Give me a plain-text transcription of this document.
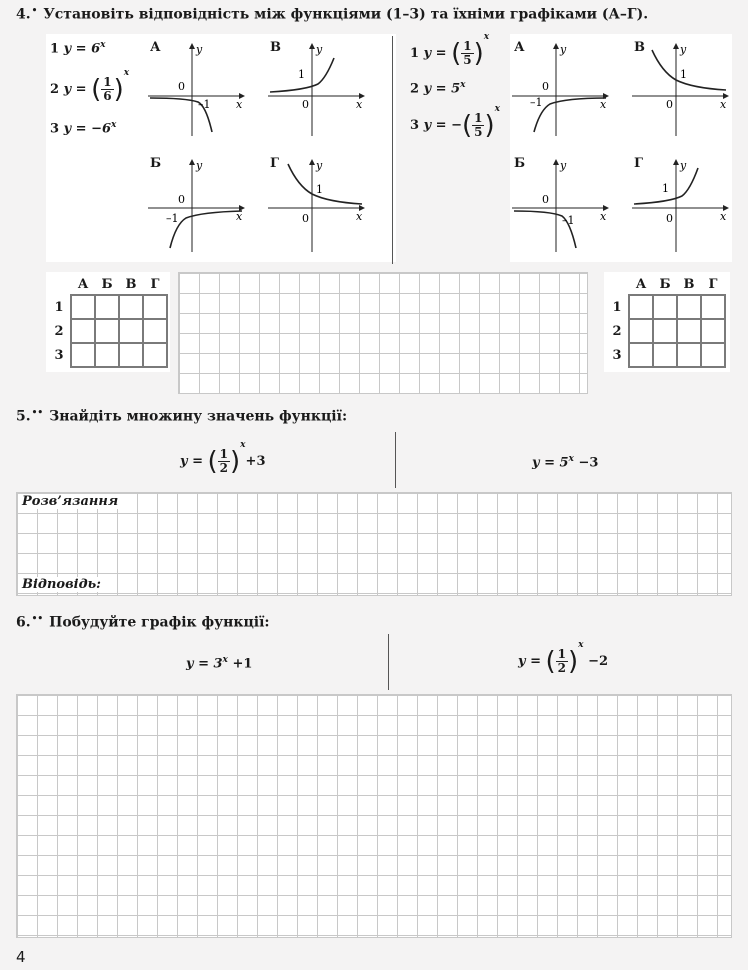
4.• Установіть відповідність між функціями (1–3) та їхніми графіками (А–Г).
1 $y = 6^x$
2 y = ( $\frac{1}{6} )^x$
3 $y = -6^x$
1 y = ( $\frac{1}{5} )^x$
2 $y = 5^x$
3 y = −( $\frac{1}{5} )^x$
А	В
Б	Г
А	В
Б	Г
0
y
x
–1
1
y
x
0
0
y
x
–1
1
y
x
0
0
y
x
–1
1
y
x
0
0
y
x
–1
1
y
x
0
	А	Б	В	Г
1				
2				
3				
	А	Б	В	Г
1				
2				
3				
5.•• Знайдіть множину значень функції:
y = ( $\frac{1}{2} )^x+3$	$y = 5^x -3$
Розв’язання
Відповідь:
6.•• Побудуйте графік функції:
$y = 3^x +1$	y = ( $\frac{1}{2} )^x -2$
4
